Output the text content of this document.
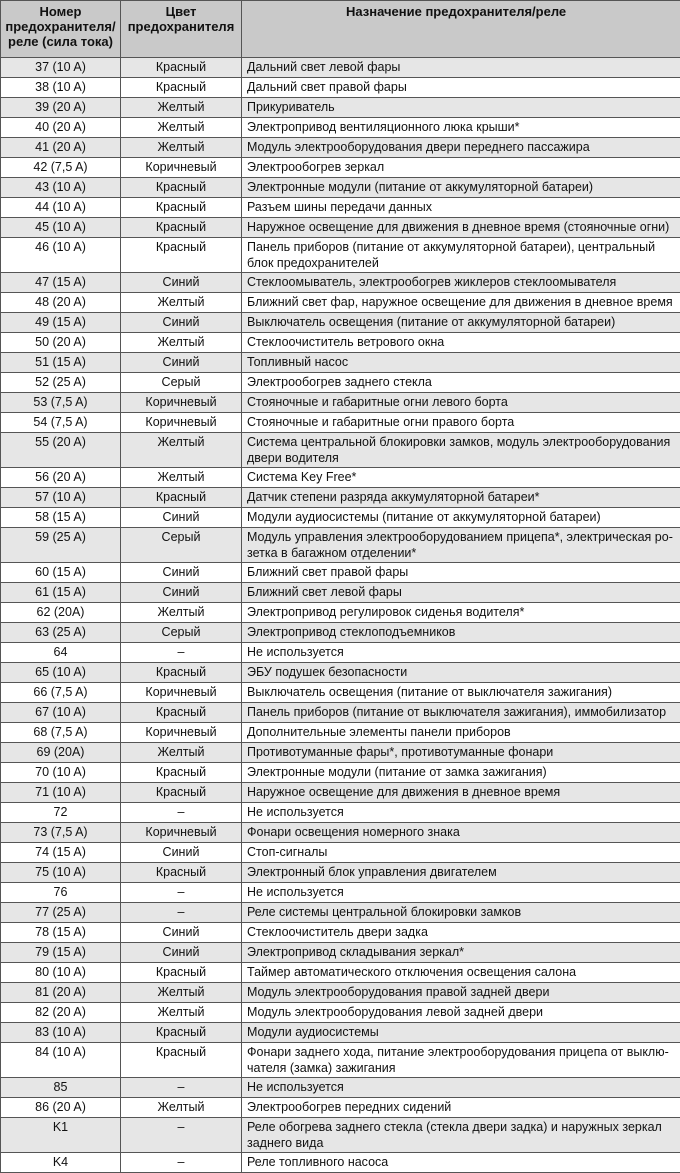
Номер предохранителя/ реле (сила тока)	Цвет предохранителя	Назначение предохранителя/реле
37 (10 A)	Красный	Дальний свет левой фары
38 (10 A)	Красный	Дальний свет правой фары
39 (20 A)	Желтый	Прикуриватель
40 (20 A)	Желтый	Электропривод вентиляционного люка крыши*
41 (20 A)	Желтый	Модуль электрооборудования двери переднего пассажира
42 (7,5 A)	Коричневый	Электрообогрев зеркал
43 (10 A)	Красный	Электронные модули (питание от аккумуляторной батареи)
44 (10 A)	Красный	Разъем шины передачи данных
45 (10 A)	Красный	Наружное освещение для движения в дневное время (стояночные огни)
46 (10 A)	Красный	Панель приборов (питание от аккумуляторной батареи), центральный блок предохранителей
47 (15 A)	Синий	Стеклоомыватель, электрообогрев жиклеров стеклоомывателя
48 (20 A)	Желтый	Ближний свет фар, наружное освещение для движения в дневное время
49 (15 A)	Синий	Выключатель освещения (питание от аккумуляторной батареи)
50 (20 A)	Желтый	Стеклоочиститель ветрового окна
51 (15 A)	Синий	Топливный насос
52 (25 A)	Серый	Электрообогрев заднего стекла
53 (7,5 A)	Коричневый	Стояночные и габаритные огни левого борта
54 (7,5 A)	Коричневый	Стояночные и габаритные огни правого борта
55 (20 A)	Желтый	Система центральной блокировки замков, модуль электрооборудования двери водителя
56 (20 A)	Желтый	Система Key Free*
57 (10 A)	Красный	Датчик степени разряда аккумуляторной батареи*
58 (15 A)	Синий	Модули аудиосистемы (питание от аккумуляторной батареи)
59 (25 A)	Серый	Модуль управления электрооборудованием прицепа*, электрическая ро-зетка в багажном отделении*
60 (15 A)	Синий	Ближний свет правой фары
61 (15 A)	Синий	Ближний свет левой фары
62 (20A)	Желтый	Электропривод регулировок сиденья водителя*
63 (25 A)	Серый	Электропривод стеклоподъемников
64	–	Не используется
65 (10 A)	Красный	ЭБУ подушек безопасности
66 (7,5 A)	Коричневый	Выключатель освещения (питание от выключателя зажигания)
67 (10 A)	Красный	Панель приборов (питание от выключателя зажигания), иммобилизатор
68 (7,5 A)	Коричневый	Дополнительные элементы панели приборов
69 (20A)	Желтый	Противотуманные фары*, противотуманные фонари
70 (10 A)	Красный	Электронные модули (питание от замка зажигания)
71 (10 A)	Красный	Наружное освещение для движения в дневное время
72	–	Не используется
73 (7,5 A)	Коричневый	Фонари освещения номерного знака
74 (15 A)	Синий	Стоп-сигналы
75 (10 A)	Красный	Электронный блок управления двигателем
76	–	Не используется
77 (25 A)	–	Реле системы центральной блокировки замков
78 (15 A)	Синий	Стеклоочиститель двери задка
79 (15 A)	Синий	Электропривод складывания зеркал*
80 (10 A)	Красный	Таймер автоматического отключения освещения салона
81 (20 A)	Желтый	Модуль электрооборудования правой задней двери
82 (20 A)	Желтый	Модуль электрооборудования левой задней двери
83 (10 A)	Красный	Модули аудиосистемы
84 (10 A)	Красный	Фонари заднего хода, питание электрооборудования прицепа от выклю-чателя (замка) зажигания
85	–	Не используется
86 (20 A)	Желтый	Электрообогрев передних сидений
K1	–	Реле обогрева заднего стекла (стекла двери задка) и наружных зеркал заднего вида
K4	–	Реле топливного насоса
